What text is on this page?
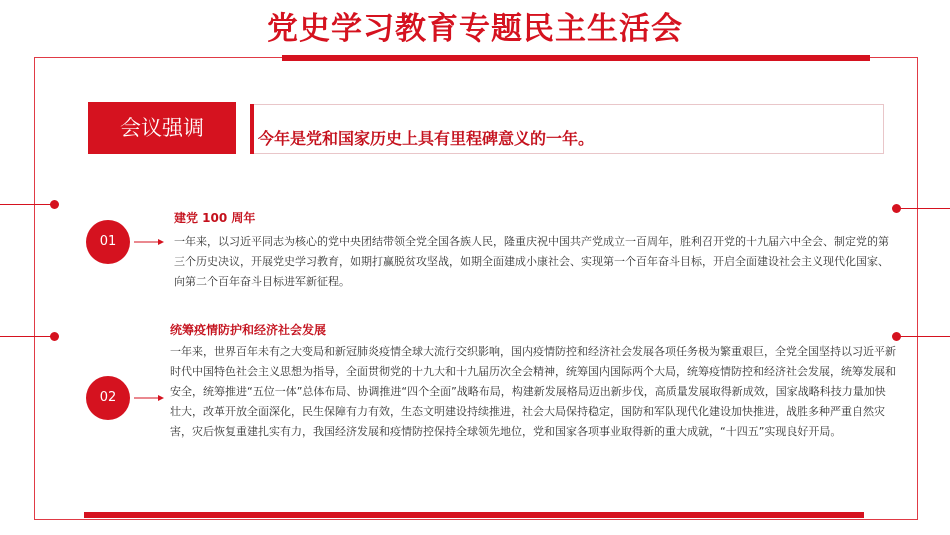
党史学习教育专题民主生活会
会议强调	今年是党和国家历史上具有里程碑意义的一年。
01
建党 100 周年
一年来，以习近平同志为核心的党中央团结带领全党全国各族人民，隆重庆祝中国共产党成立一百周年，胜利召开党的十九届六中全会、制定党的第三个历史决议，开展党史学习教育，如期打赢脱贫攻坚战，如期全面建成小康社会、实现第一个百年奋斗目标，开启全面建设社会主义现代化国家、向第二个百年奋斗目标进军新征程。
02
统筹疫情防护和经济社会发展
一年来，世界百年未有之大变局和新冠肺炎疫情全球大流行交织影响，国内疫情防控和经济社会发展各项任务极为繁重艰巨，全党全国坚持以习近平新时代中国特色社会主义思想为指导，全面贯彻党的十九大和十九届历次全会精神，统筹国内国际两个大局，统筹疫情防控和经济社会发展，统筹发展和安全，统筹推进“五位一体”总体布局、协调推进“四个全面”战略布局，构建新发展格局迈出新步伐，高质量发展取得新成效，国家战略科技力量加快壮大，改革开放全面深化，民生保障有力有效，生态文明建设持续推进，社会大局保持稳定，国防和军队现代化建设加快推进，战胜多种严重自然灾害，灾后恢复重建扎实有力，我国经济发展和疫情防控保持全球领先地位，党和国家各项事业取得新的重大成就，“十四五”实现良好开局。
